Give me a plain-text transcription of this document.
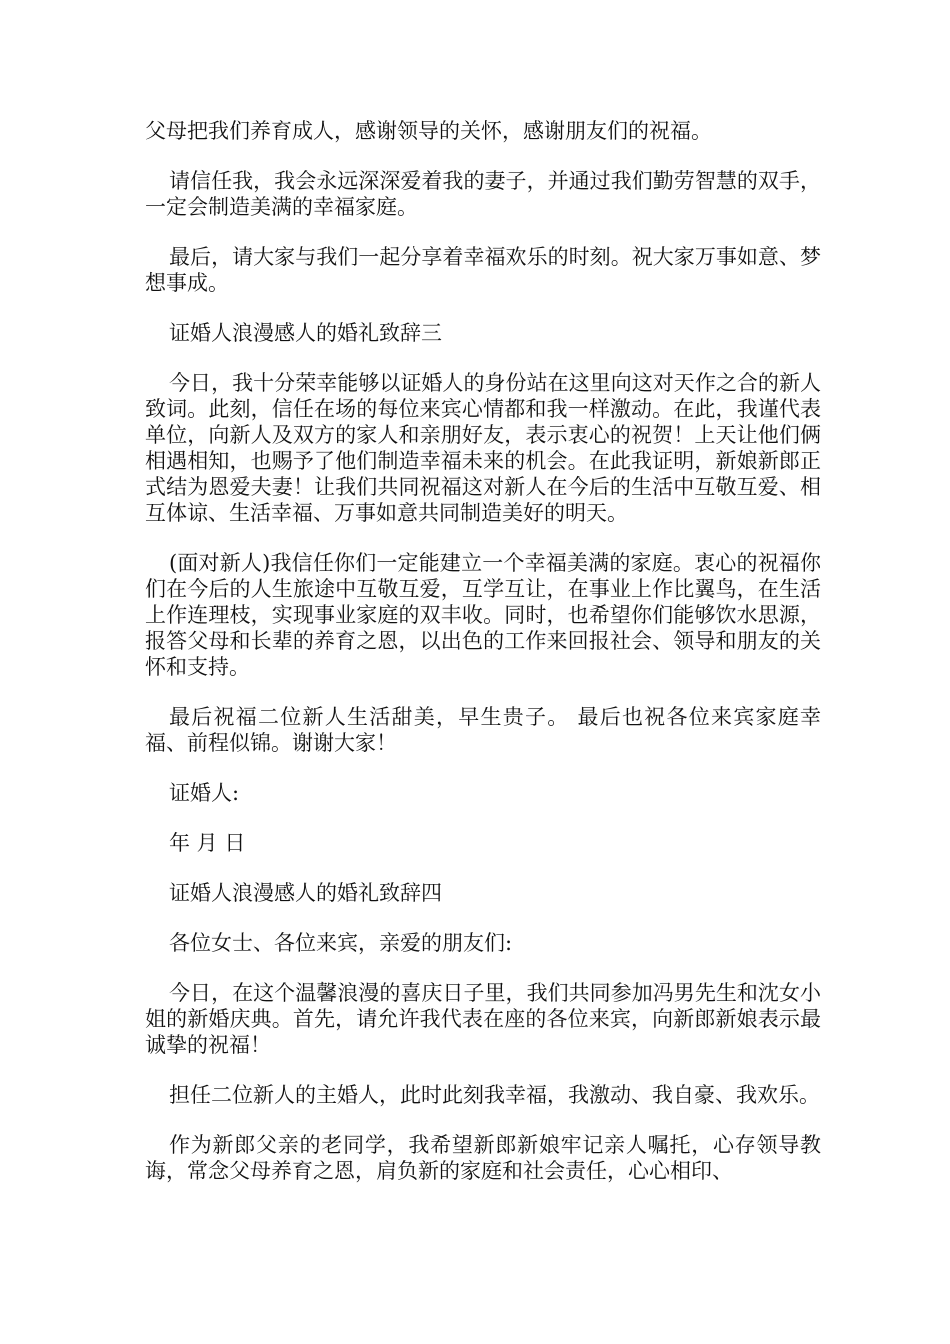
父母把我们养育成人，感谢领导的关怀，感谢朋友们的祝福。

请信任我，我会永远深深爱着我的妻子，并通过我们勤劳智慧的双手，一定会制造美满的幸福家庭。

最后，请大家与我们一起分享着幸福欢乐的时刻。祝大家万事如意、梦想事成。

证婚人浪漫感人的婚礼致辞三

今日，我十分荣幸能够以证婚人的身份站在这里向这对天作之合的新人致词。此刻，信任在场的每位来宾心情都和我一样激动。在此，我谨代表单位，向新人及双方的家人和亲朋好友，表示衷心的祝贺！上天让他们俩相遇相知，也赐予了他们制造幸福未来的机会。在此我证明，新娘新郎正式结为恩爱夫妻！让我们共同祝福这对新人在今后的生活中互敬互爱、相互体谅、生活幸福、万事如意共同制造美好的明天。

(面对新人)我信任你们一定能建立一个幸福美满的家庭。衷心的祝福你们在今后的人生旅途中互敬互爱，互学互让，在事业上作比翼鸟，在生活上作连理枝，实现事业家庭的双丰收。同时，也希望你们能够饮水思源，报答父母和长辈的养育之恩，以出色的工作来回报社会、领导和朋友的关怀和支持。

最后祝福二位新人生活甜美，早生贵子。 最后也祝各位来宾家庭幸福、前程似锦。谢谢大家！

证婚人:

年 月 日

证婚人浪漫感人的婚礼致辞四

各位女士、各位来宾，亲爱的朋友们:

今日，在这个温馨浪漫的喜庆日子里，我们共同参加冯男先生和沈女小姐的新婚庆典。首先，请允许我代表在座的各位来宾，向新郎新娘表示最诚挚的祝福！

担任二位新人的主婚人，此时此刻我幸福，我激动、我自豪、我欢乐。

作为新郎父亲的老同学，我希望新郎新娘牢记亲人嘱托，心存领导教诲，常念父母养育之恩，肩负新的家庭和社会责任，心心相印、
